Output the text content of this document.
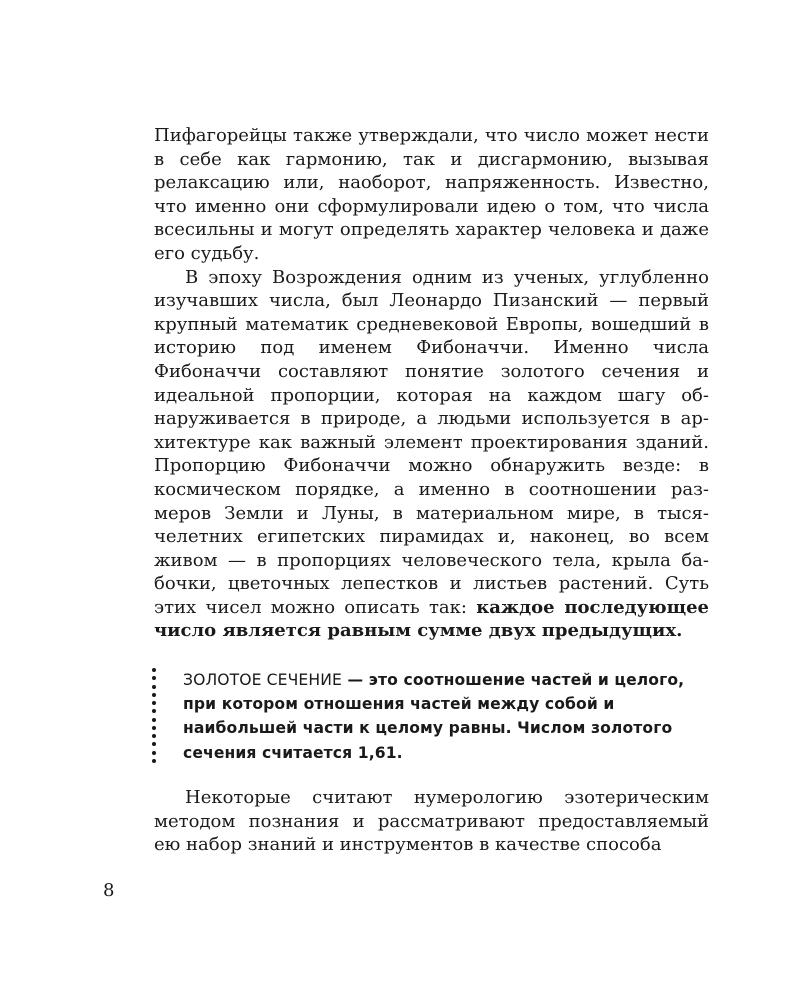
Пифагорейцы также утверждали, что число может нести в себе как гармонию, так и дисгармонию, вызывая релаксацию или, наоборот, напряженность. Известно, что именно они сформулировали идею о том, что числа всесильны и могут определять характер человека и даже его судьбу.

В эпоху Возрождения одним из ученых, углубленно изучавших числа, был Леонардо Пизанский — первый крупный математик средневековой Европы, вошедший в историю под именем Фибоначчи. Именно числа Фибоначчи составляют понятие золотого сечения и идеальной пропорции, которая на каждом шагу обнаруживается в природе, а людьми используется в архитектуре как важный элемент проектирования зданий. Пропорцию Фибоначчи можно обнаружить везде: в космическом порядке, а именно в соотношении размеров Земли и Луны, в материальном мире, в тысячелетних египетских пирамидах и, наконец, во всем живом — в пропорциях человеческого тела, крыла бабочки, цветочных лепестков и листьев растений. Суть этих чисел можно описать так: каждое последующее число является равным сумме двух предыдущих.

ЗОЛОТОЕ СЕЧЕНИЕ — это соотношение частей и целого, при котором отношения частей между собой и наибольшей части к целому равны. Числом золотого сечения считается 1,61.

Некоторые считают нумерологию эзотерическим методом познания и рассматривают предоставляемый ею набор знаний и инструментов в качестве способа

8
